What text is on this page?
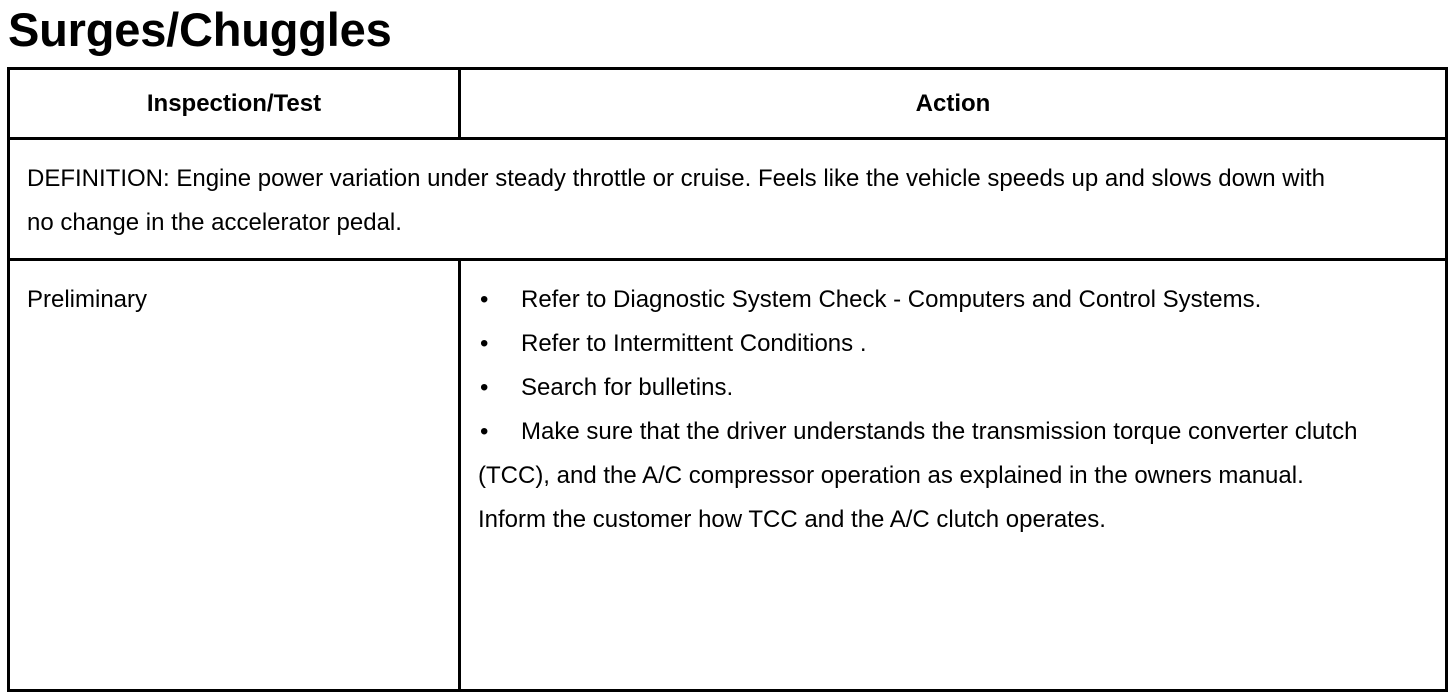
Surges/Chuggles
Inspection/Test	Action
DEFINITION: Engine power variation under steady throttle or cruise. Feels like the vehicle speeds up and slows down with no change in the accelerator pedal.
Preliminary	•	Refer to Diagnostic System Check - Computers and Control Systems.
•	Refer to Intermittent Conditions .
•	Search for bulletins.
• Make sure that the driver understands the transmission torque converter clutch (TCC), and the A/C compressor operation as explained in the owners manual. Inform the customer how TCC and the A/C clutch operates.
